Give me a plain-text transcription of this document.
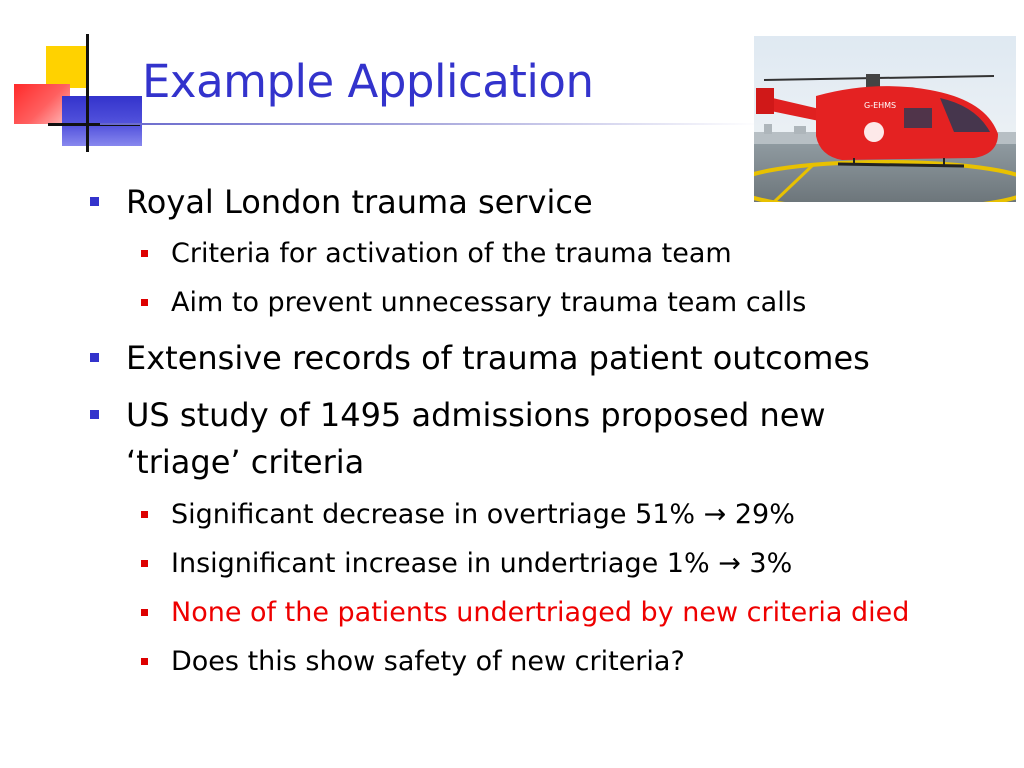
Example Application	G-EHMS
Royal London trauma service
Criteria for activation of the trauma team
Aim to prevent unnecessary trauma team calls
Extensive records of trauma patient outcomes
US study of 1495 admissions proposed new
‘triage’ criteria
Significant decrease in overtriage 51% → 29%
Insignificant increase in undertriage 1% → 3%
None of the patients undertriaged by new criteria died
Does this show safety of new criteria?
